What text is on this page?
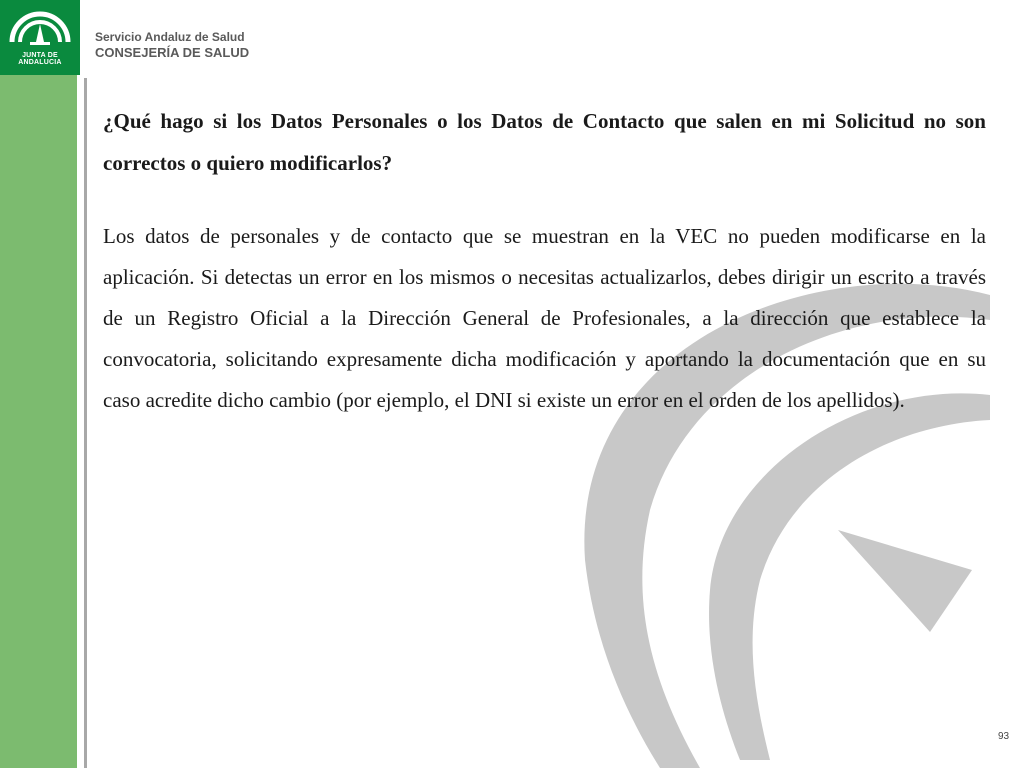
JUNTA DE ANDALUCIA
Servicio Andaluz de Salud
CONSEJERÍA DE SALUD

¿Qué hago si los Datos Personales o los Datos de Contacto que salen en mi Solicitud no son correctos o quiero modificarlos?

Los datos de personales y de contacto que se muestran en la VEC no pueden modificarse en la aplicación. Si detectas un error en los mismos o necesitas actualizarlos, debes dirigir un escrito a través de un Registro Oficial a la Dirección General de Profesionales, a la dirección que establece la convocatoria, solicitando expresamente dicha modificación y aportando la documentación que en su caso acredite dicho cambio (por ejemplo, el DNI si existe un error en el orden de los apellidos).

93
